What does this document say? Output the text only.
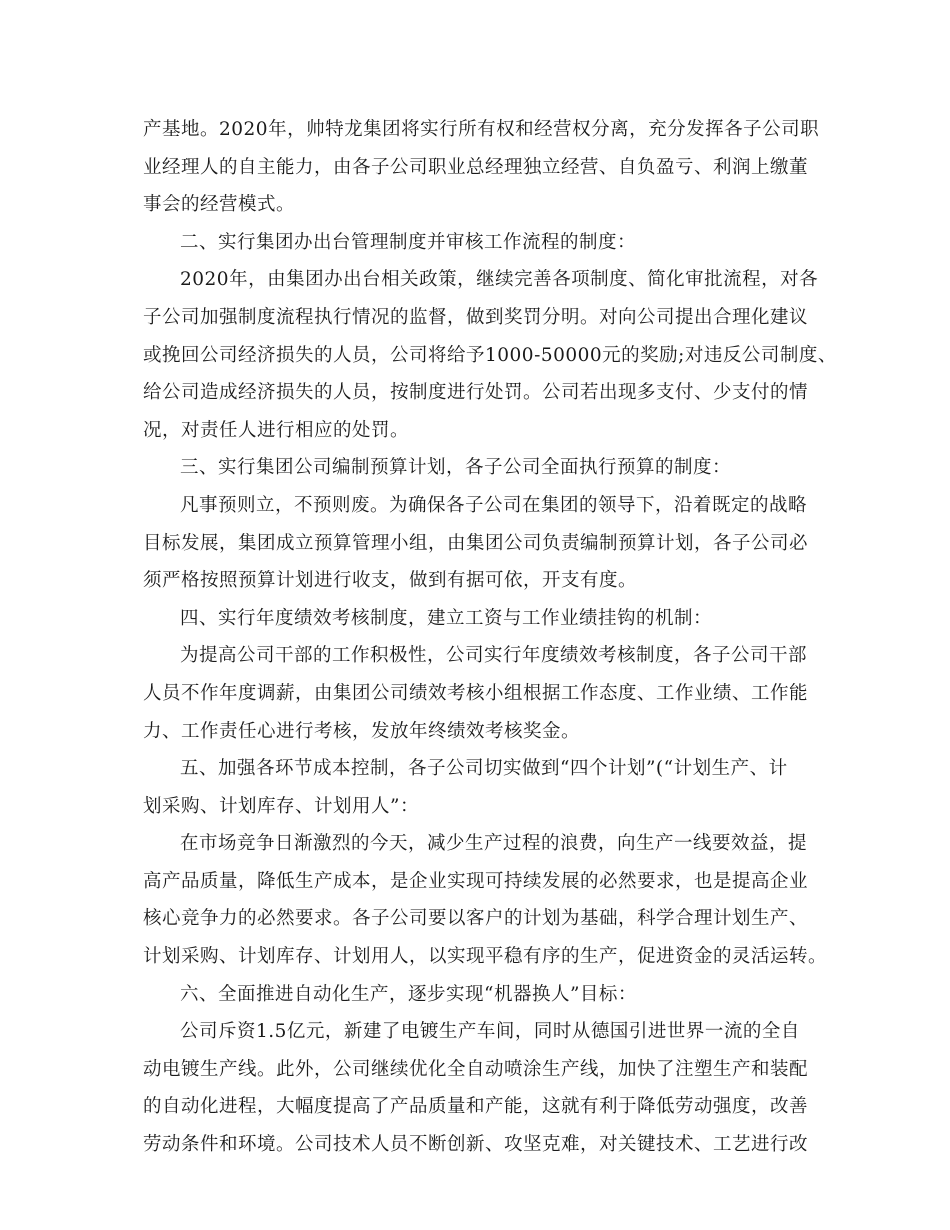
产基地。2020年，帅特龙集团将实行所有权和经营权分离，充分发挥各子公司职
业经理人的自主能力，由各子公司职业总经理独立经营、自负盈亏、利润上缴董
事会的经营模式。
二、实行集团办出台管理制度并审核工作流程的制度：
2020年，由集团办出台相关政策，继续完善各项制度、简化审批流程，对各
子公司加强制度流程执行情况的监督，做到奖罚分明。对向公司提出合理化建议
或挽回公司经济损失的人员，公司将给予1000-50000元的奖励;对违反公司制度、
给公司造成经济损失的人员，按制度进行处罚。公司若出现多支付、少支付的情
况，对责任人进行相应的处罚。
三、实行集团公司编制预算计划，各子公司全面执行预算的制度：
凡事预则立，不预则废。为确保各子公司在集团的领导下，沿着既定的战略
目标发展，集团成立预算管理小组，由集团公司负责编制预算计划，各子公司必
须严格按照预算计划进行收支，做到有据可依，开支有度。
四、实行年度绩效考核制度，建立工资与工作业绩挂钩的机制：
为提高公司干部的工作积极性，公司实行年度绩效考核制度，各子公司干部
人员不作年度调薪，由集团公司绩效考核小组根据工作态度、工作业绩、工作能
力、工作责任心进行考核，发放年终绩效考核奖金。
五、加强各环节成本控制，各子公司切实做到“四个计划”(“计划生产、计
划采购、计划库存、计划用人”：
在市场竞争日渐激烈的今天，减少生产过程的浪费，向生产一线要效益，提
高产品质量，降低生产成本，是企业实现可持续发展的必然要求，也是提高企业
核心竞争力的必然要求。各子公司要以客户的计划为基础，科学合理计划生产、
计划采购、计划库存、计划用人，以实现平稳有序的生产，促进资金的灵活运转。
六、全面推进自动化生产，逐步实现“机器换人”目标：
公司斥资1.5亿元，新建了电镀生产车间，同时从德国引进世界一流的全自
动电镀生产线。此外，公司继续优化全自动喷涂生产线，加快了注塑生产和装配
的自动化进程，大幅度提高了产品质量和产能，这就有利于降低劳动强度，改善
劳动条件和环境。公司技术人员不断创新、攻坚克难，对关键技术、工艺进行改
